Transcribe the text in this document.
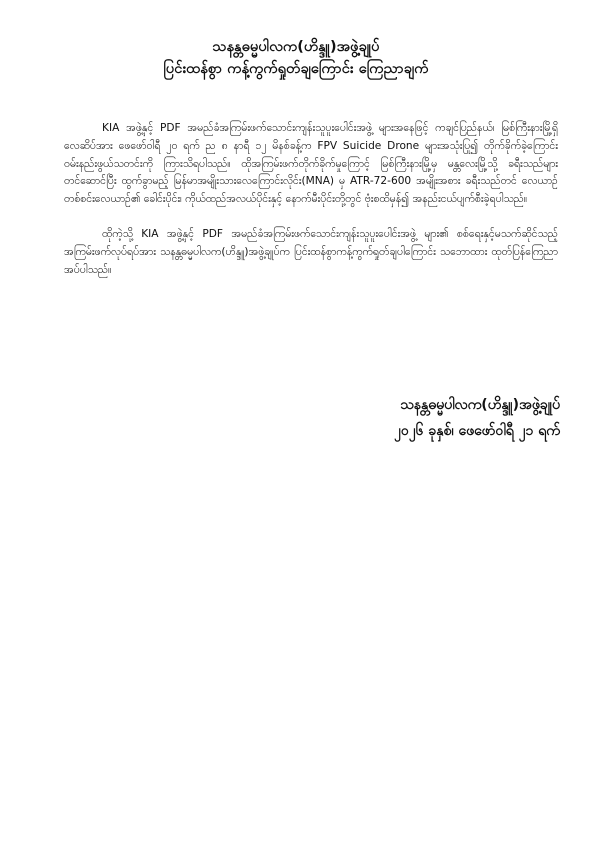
သနန္တဓမ္မပါလက(ဟိန္ဒူ)အဖွဲ့ချုပ်
ပြင်းထန်စွာ ကန့်ကွက်ရှုတ်ချကြောင်း ကြေညာချက်

KIA အဖွဲ့နှင့် PDF အမည်ခံအကြမ်းဖက်သောင်းကျန်းသူပူးပေါင်းအဖွဲ့ များအနေဖြင့် ကချင်ပြည်နယ်၊ မြစ်ကြီးနားမြို့ရှိ လေဆိပ်အား ဖေဖော်ဝါရီ ၂၀ ရက် ည ၈ နာရီ ၁၂ မိနစ်ခန့်က FPV Suicide Drone များအသုံးပြု၍ တိုက်ခိုက်ခဲ့ကြောင်း ဝမ်းနည်းဖွယ်သတင်းကို ကြားသိရပါသည်။ ထိုအကြမ်းဖက်တိုက်ခိုက်မှုကြောင့် မြစ်ကြီးနားမြို့မှ မန္တလေးမြို့သို့ ခရီးသည်များ တင်ဆောင်ပြီး ထွက်ခွာမည့် မြန်မာအမျိုးသားလေကြောင်းလိုင်း(MNA) မှ ATR-72-600 အမျိုးအစား ခရီးသည်တင် လေယာဉ်တစ်စင်းလေယာဉ်၏ ခေါင်းပိုင်း၊ ကိုယ်ထည်အလယ်ပိုင်းနှင့် နောက်မီးပိုင်းတို့တွင် ဗုံးစထိမှန်၍ အနည်းငယ်ပျက်စီးခဲ့ရပါသည်။

ထိုကဲ့သို့ KIA အဖွဲ့နှင့် PDF အမည်ခံအကြမ်းဖက်သောင်းကျန်းသူပူးပေါင်းအဖွဲ့ များ၏ စစ်ရေးနှင့်မသက်ဆိုင်သည့် အကြမ်းဖက်လုပ်ရပ်အား သနန္တဓမ္မပါလက(ဟိန္ဒူ)အဖွဲ့ချုပ်က ပြင်းထန်စွာကန့်ကွက်ရှုတ်ချပါကြောင်း သဘောထား ထုတ်ပြန်ကြေညာအပ်ပါသည်။

သနန္တဓမ္မပါလက(ဟိန္ဒူ)အဖွဲ့ချုပ်
၂၀၂၆ ခုနှစ်၊ ဖေဖော်ဝါရီ ၂၁ ရက်
